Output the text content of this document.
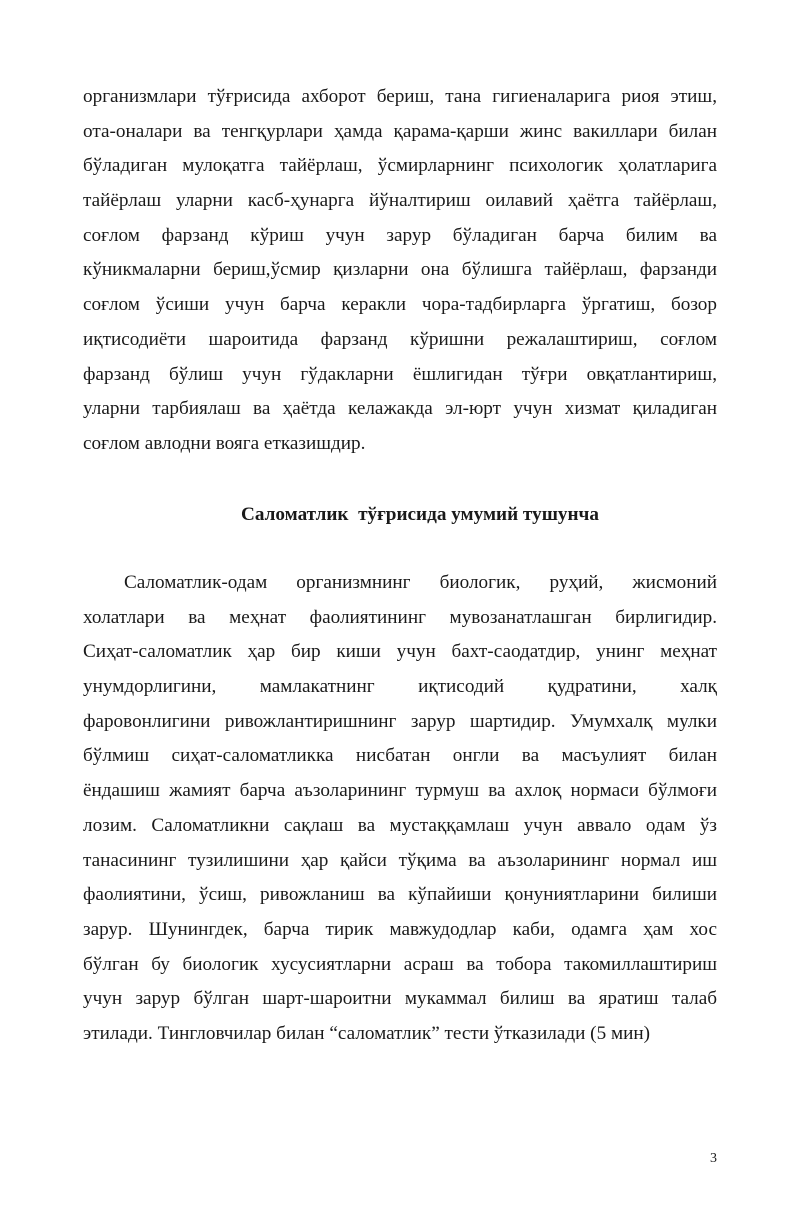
организмлари тўғрисида ахборот бериш, тана гигиеналарига риоя этиш,
ота-оналари ва тенгқурлари ҳамда қарама-қарши жинс вакиллари билан
бўладиган мулоқатга тайёрлаш, ўсмирларнинг психологик ҳолатларига
тайёрлаш уларни касб-ҳунарга йўналтириш оилавий ҳаётга тайёрлаш,
соғлом фарзанд кўриш учун зарур бўладиган барча билим ва
кўникмаларни бериш,ўсмир қизларни она бўлишга тайёрлаш, фарзанди
соғлом ўсиши учун барча керакли чора-тадбирларга ўргатиш, бозор
иқтисодиёти шароитида фарзанд кўришни режалаштириш, соғлом
фарзанд бўлиш учун гўдакларни ёшлигидан тўғри овқатлантириш,
уларни тарбиялаш ва ҳаётда келажакда эл-юрт учун хизмат қиладиган
соғлом авлодни вояга етказишдир.
Саломатлик  тўғрисида умумий тушунча
Саломатлик-одам организмнинг биологик, руҳий, жисмоний
холатлари ва меҳнат фаолиятининг мувозанатлашган бирлигидир.
Сиҳат-саломатлик ҳар бир киши учун бахт-саодатдир, унинг меҳнат
унумдорлигини, мамлакатнинг иқтисодий қудратини, халқ
фаровонлигини ривожлантиришнинг зарур шартидир. Умумхалқ мулки
бўлмиш сиҳат-саломатликка нисбатан онгли ва масъулият билан
ёндашиш жамият барча аъзоларининг турмуш ва ахлоқ нормаси бўлмоғи
лозим. Саломатликни сақлаш ва мустаққамлаш учун аввало одам ўз
танасининг тузилишини ҳар қайси тўқима ва аъзоларининг нормал иш
фаолиятини, ўсиш, ривожланиш ва кўпайиши қонуниятларини билиши
зарур. Шунингдек, барча тирик мавжудодлар каби, одамга ҳам хос
бўлган бу биологик хусусиятларни асраш ва тобора такомиллаштириш
учун зарур бўлган шарт-шароитни мукаммал билиш ва яратиш талаб
этилади. Тингловчилар билан “саломатлик” тести ўтказилади (5 мин)
3
